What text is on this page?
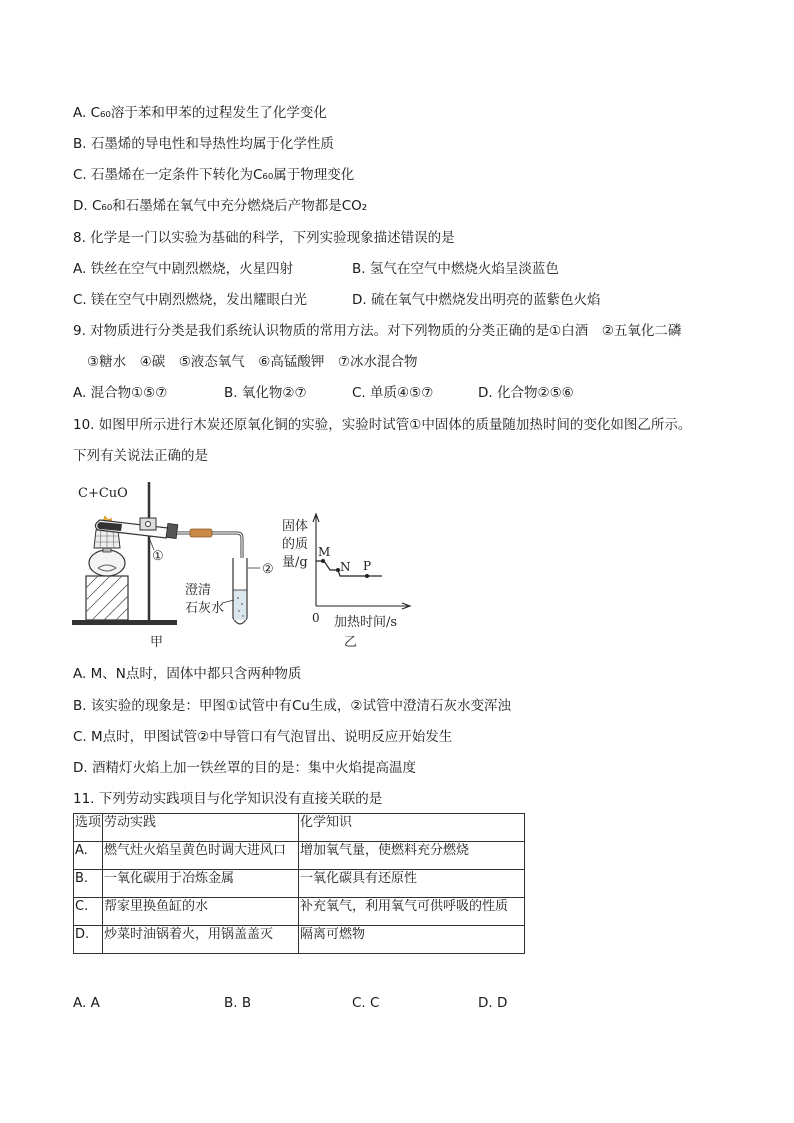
A. C₆₀溶于苯和甲苯的过程发生了化学变化
B. 石墨烯的导电性和导热性均属于化学性质
C. 石墨烯在一定条件下转化为C₆₀属于物理变化
D. C₆₀和石墨烯在氧气中充分燃烧后产物都是CO₂
8. 化学是一门以实验为基础的科学，下列实验现象描述错误的是
A. 铁丝在空气中剧烈燃烧，火星四射	B. 氢气在空气中燃烧火焰呈淡蓝色
C. 镁在空气中剧烈燃烧，发出耀眼白光	D. 硫在氧气中燃烧发出明亮的蓝紫色火焰
9. 对物质进行分类是我们系统认识物质的常用方法。对下列物质的分类正确的是①白酒　②五氧化二磷
③糖水　④碳　⑤液态氧气　⑥高锰酸钾　⑦冰水混合物
A. 混合物①⑤⑦	B. 氧化物②⑦	C. 单质④⑤⑦	D. 化合物②⑤⑥
10. 如图甲所示进行木炭还原氧化铜的实验，实验时试管①中固体的质量随加热时间的变化如图乙所示。
下列有关说法正确的是
C+CuO
①
②
澄清
石灰水
甲
固体
的质
量/g
M
N P
0 加热时间/s
乙
A. M、N点时，固体中都只含两种物质
B. 该实验的现象是：甲图①试管中有Cu生成，②试管中澄清石灰水变浑浊
C. M点时，甲图试管②中导管口有气泡冒出、说明反应开始发生
D. 酒精灯火焰上加一铁丝罩的目的是：集中火焰提高温度
11. 下列劳动实践项目与化学知识没有直接关联的是
选项	劳动实践	化学知识
A.	燃气灶火焰呈黄色时调大进风口	增加氧气量，使燃料充分燃烧
B.	一氧化碳用于冶炼金属	一氧化碳具有还原性
C.	帮家里换鱼缸的水	补充氧气，利用氧气可供呼吸的性质
D.	炒菜时油锅着火，用锅盖盖灭	隔离可燃物
A. A	B. B	C. C	D. D
